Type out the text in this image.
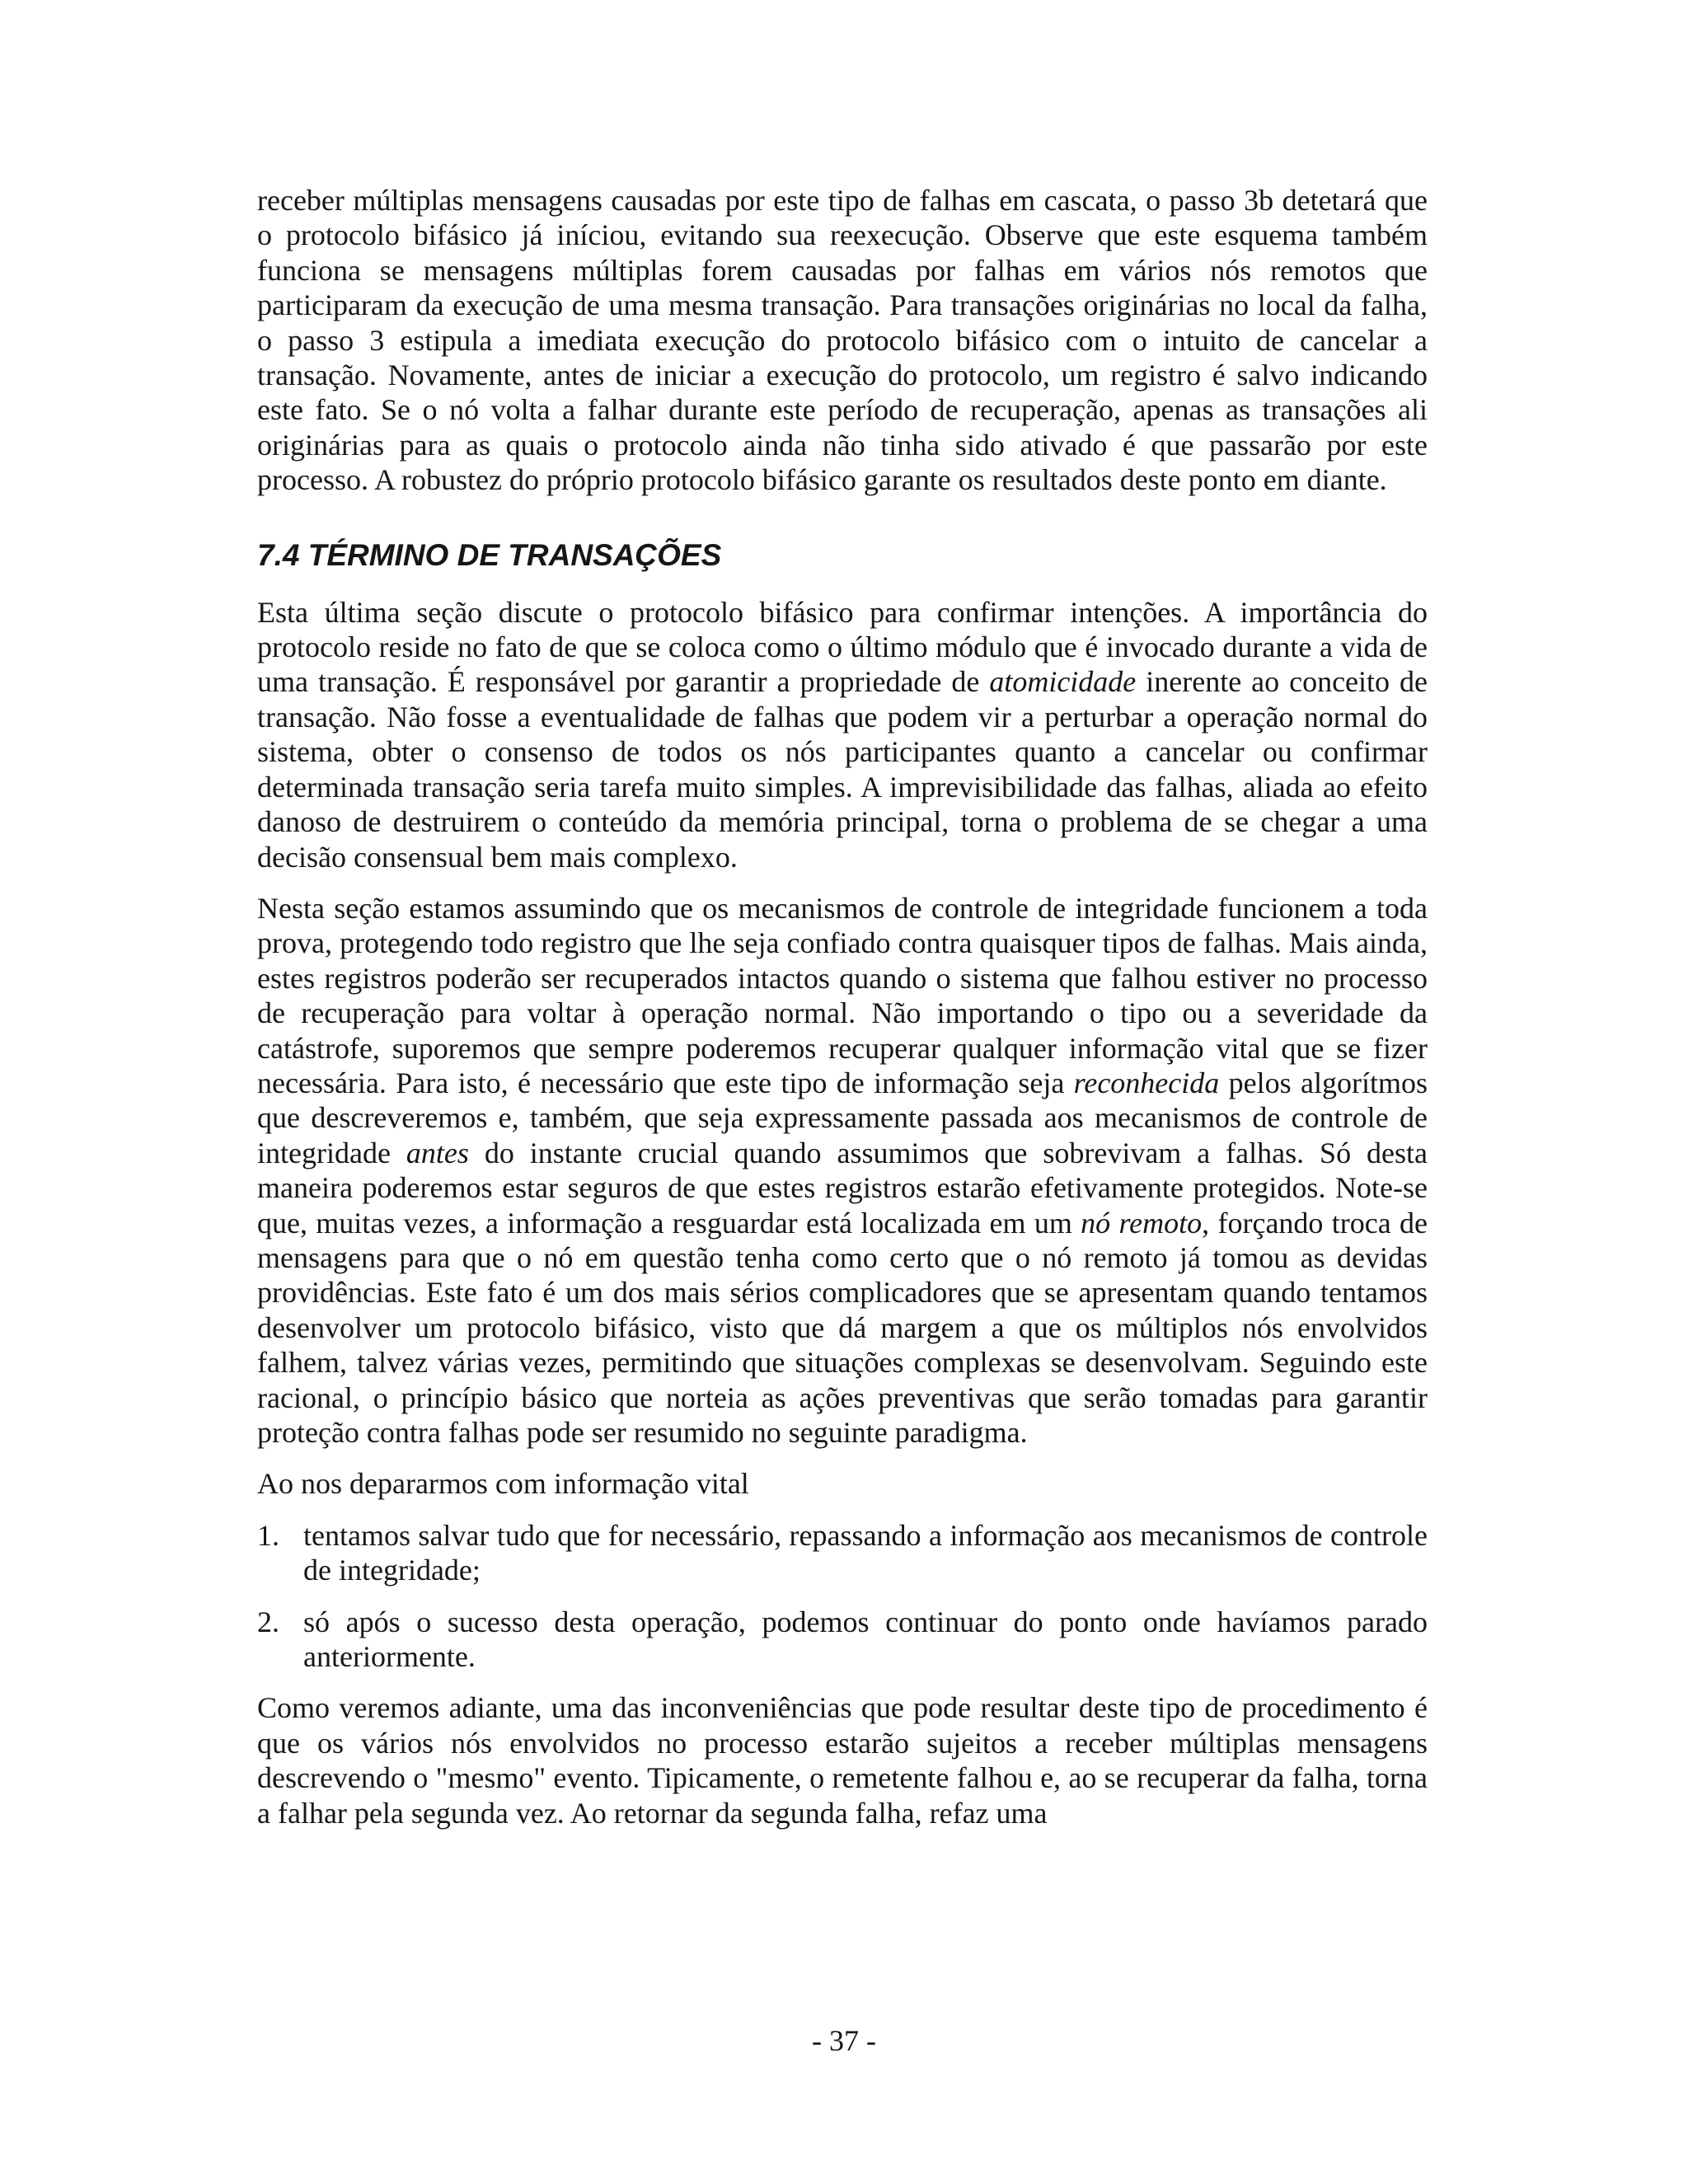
receber múltiplas mensagens causadas por este tipo de falhas em cascata, o passo 3b detetará que o protocolo bifásico já iníciou, evitando sua reexecução. Observe que este esquema também funciona se mensagens múltiplas forem causadas por falhas em vários nós remotos que participaram da execução de uma mesma transação. Para transações originárias no local da falha, o passo 3 estipula a imediata execução do protocolo bifásico com o intuito de cancelar a transação. Novamente, antes de iniciar a execução do protocolo, um registro é salvo indicando este fato. Se o nó volta a falhar durante este período de recuperação, apenas as transações ali originárias para as quais o protocolo ainda não tinha sido ativado é que passarão por este processo. A robustez do próprio protocolo bifásico garante os resultados deste ponto em diante.

7.4 TÉRMINO DE TRANSAÇÕES

Esta última seção discute o protocolo bifásico para confirmar intenções. A importância do protocolo reside no fato de que se coloca como o último módulo que é invocado durante a vida de uma transação. É responsável por garantir a propriedade de atomicidade inerente ao conceito de transação. Não fosse a eventualidade de falhas que podem vir a perturbar a operação normal do sistema, obter o consenso de todos os nós participantes quanto a cancelar ou confirmar determinada transação seria tarefa muito simples. A imprevisibilidade das falhas, aliada ao efeito danoso de destruirem o conteúdo da memória principal, torna o problema de se chegar a uma decisão consensual bem mais complexo.

Nesta seção estamos assumindo que os mecanismos de controle de integridade funcionem a toda prova, protegendo todo registro que lhe seja confiado contra quaisquer tipos de falhas. Mais ainda, estes registros poderão ser recuperados intactos quando o sistema que falhou estiver no processo de recuperação para voltar à operação normal. Não importando o tipo ou a severidade da catástrofe, suporemos que sempre poderemos recuperar qualquer informação vital que se fizer necessária. Para isto, é necessário que este tipo de informação seja reconhecida pelos algorítmos que descreveremos e, também, que seja expressamente passada aos mecanismos de controle de integridade antes do instante crucial quando assumimos que sobrevivam a falhas. Só desta maneira poderemos estar seguros de que estes registros estarão efetivamente protegidos. Note-se que, muitas vezes, a informação a resguardar está localizada em um nó remoto, forçando troca de mensagens para que o nó em questão tenha como certo que o nó remoto já tomou as devidas providências. Este fato é um dos mais sérios complicadores que se apresentam quando tentamos desenvolver um protocolo bifásico, visto que dá margem a que os múltiplos nós envolvidos falhem, talvez várias vezes, permitindo que situações complexas se desenvolvam. Seguindo este racional, o princípio básico que norteia as ações preventivas que serão tomadas para garantir proteção contra falhas pode ser resumido no seguinte paradigma.

Ao nos depararmos com informação vital

1. tentamos salvar tudo que for necessário, repassando a informação aos mecanismos de controle de integridade;
2. só após o sucesso desta operação, podemos continuar do ponto onde havíamos parado anteriormente.

Como veremos adiante, uma das inconveniências que pode resultar deste tipo de procedimento é que os vários nós envolvidos no processo estarão sujeitos a receber múltiplas mensagens descrevendo o "mesmo" evento. Tipicamente, o remetente falhou e, ao se recuperar da falha, torna a falhar pela segunda vez. Ao retornar da segunda falha, refaz uma

- 37 -
